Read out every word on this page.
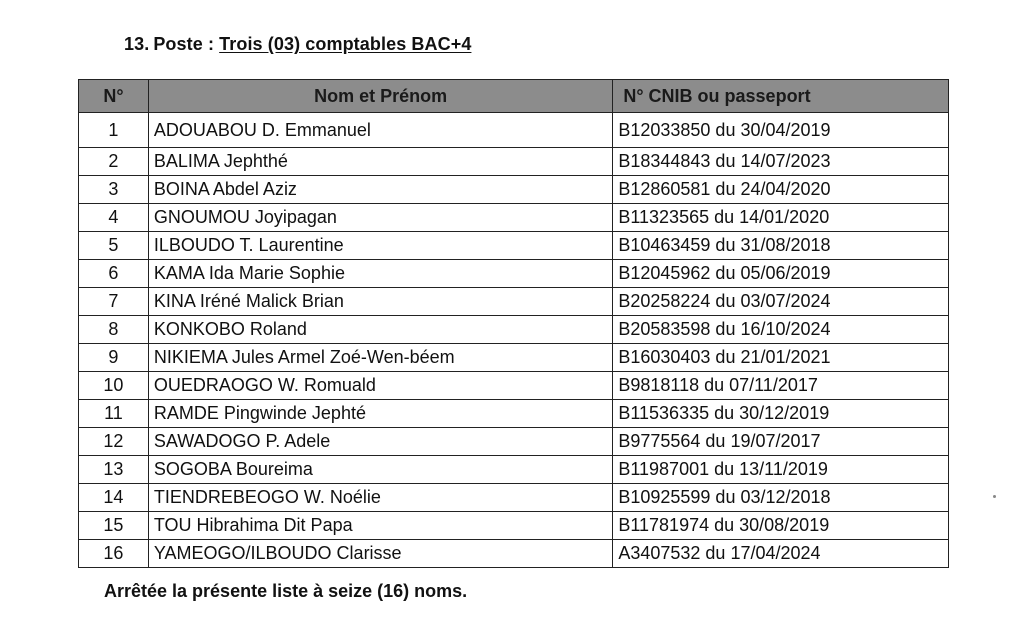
13. Poste : Trois (03) comptables BAC+4
N°	Nom et Prénom	N° CNIB ou passeport
1	ADOUABOU D. Emmanuel	B12033850 du 30/04/2019
2	BALIMA Jephthé	B18344843 du 14/07/2023
3	BOINA Abdel Aziz	B12860581 du 24/04/2020
4	GNOUMOU Joyipagan	B11323565 du 14/01/2020
5	ILBOUDO T. Laurentine	B10463459 du 31/08/2018
6	KAMA Ida Marie Sophie	B12045962 du 05/06/2019
7	KINA Iréné Malick Brian	B20258224 du 03/07/2024
8	KONKOBO Roland	B20583598 du 16/10/2024
9	NIKIEMA Jules Armel Zoé-Wen-béem	B16030403 du 21/01/2021
10	OUEDRAOGO W. Romuald	B9818118 du 07/11/2017
11	RAMDE Pingwinde Jephté	B11536335 du 30/12/2019
12	SAWADOGO P. Adele	B9775564 du 19/07/2017
13	SOGOBA Boureima	B11987001 du 13/11/2019
14	TIENDREBEOGO W. Noélie	B10925599 du 03/12/2018
15	TOU Hibrahima Dit Papa	B11781974 du 30/08/2019
16	YAMEOGO/ILBOUDO Clarisse	A3407532 du 17/04/2024
Arrêtée la présente liste à seize (16) noms.
